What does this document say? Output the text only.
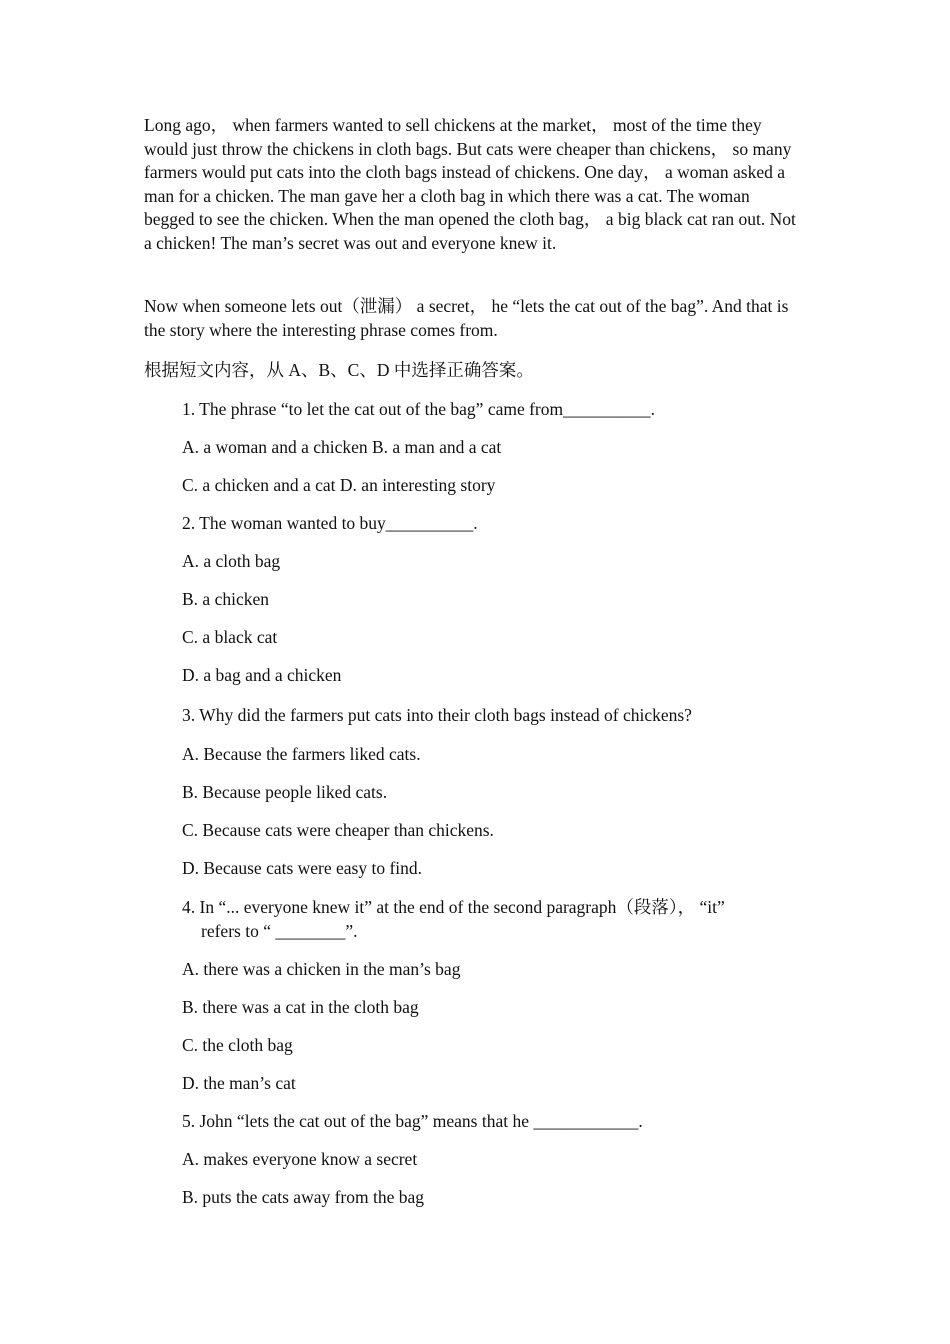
Long ago， when farmers wanted to sell chickens at the market， most of the time they would just throw the chickens in cloth bags. But cats were cheaper than chickens， so many farmers would put cats into the cloth bags instead of chickens. One day， a woman asked a man for a chicken. The man gave her a cloth bag in which there was a cat. The woman begged to see the chicken. When the man opened the cloth bag， a big black cat ran out. Not a chicken! The man’s secret was out and everyone knew it.

Now when someone lets out（泄漏） a secret， he “lets the cat out of the bag”. And that is the story where the interesting phrase comes from.

根据短文内容，从 A、B、C、D 中选择正确答案。

1. The phrase “to let the cat out of the bag” came from__________.

A. a woman and a chicken B. a man and a cat

C. a chicken and a cat D. an interesting story

2. The woman wanted to buy__________.

A. a cloth bag

B. a chicken

C. a black cat

D. a bag and a chicken

3. Why did the farmers put cats into their cloth bags instead of chickens?

A. Because the farmers liked cats.

B. Because people liked cats.

C. Because cats were cheaper than chickens.

D. Because cats were easy to find.

4. In “... everyone knew it” at the end of the second paragraph（段落）， “it”
refers to “ ________”.

A. there was a chicken in the man’s bag

B. there was a cat in the cloth bag

C. the cloth bag

D. the man’s cat

5. John “lets the cat out of the bag” means that he ____________.

A. makes everyone know a secret

B. puts the cats away from the bag
